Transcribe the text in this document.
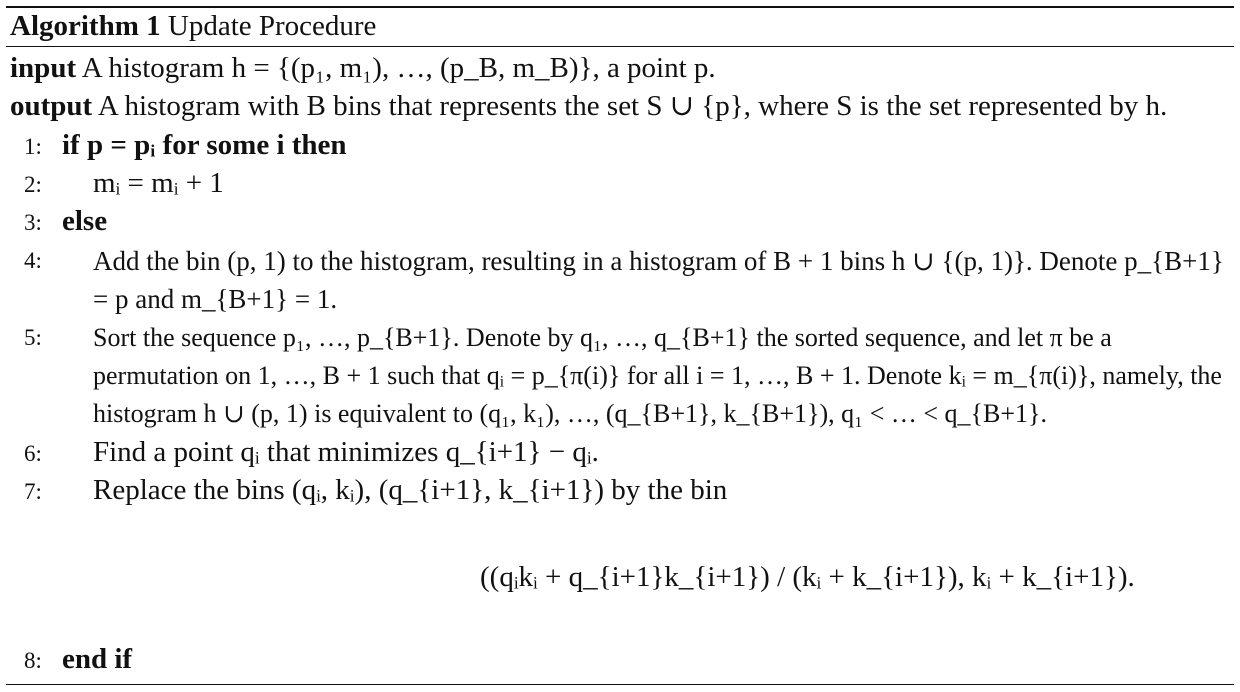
Algorithm 1 Update Procedure
input A histogram h = {(p₁, m₁), …, (p_B, m_B)}, a point p.
output A histogram with B bins that represents the set S ∪ {p}, where S is the set represented by h.
1: if p = pᵢ for some i then
2: mᵢ = mᵢ + 1
3: else
4: Add the bin (p, 1) to the histogram, resulting in a histogram of B + 1 bins h ∪ {(p, 1)}. Denote p_{B+1} = p and m_{B+1} = 1.
5: Sort the sequence p₁, …, p_{B+1}. Denote by q₁, …, q_{B+1} the sorted sequence, and let π be a permutation on 1, …, B + 1 such that qᵢ = p_{π(i)} for all i = 1, …, B + 1. Denote kᵢ = m_{π(i)}, namely, the histogram h ∪ (p, 1) is equivalent to (q₁, k₁), …, (q_{B+1}, k_{B+1}), q₁ < … < q_{B+1}.
6: Find a point qᵢ that minimizes q_{i+1} − qᵢ.
7: Replace the bins (qᵢ, kᵢ), (q_{i+1}, k_{i+1}) by the bin
((qᵢkᵢ + q_{i+1}k_{i+1}) / (kᵢ + k_{i+1}), kᵢ + k_{i+1}).
8: end if
